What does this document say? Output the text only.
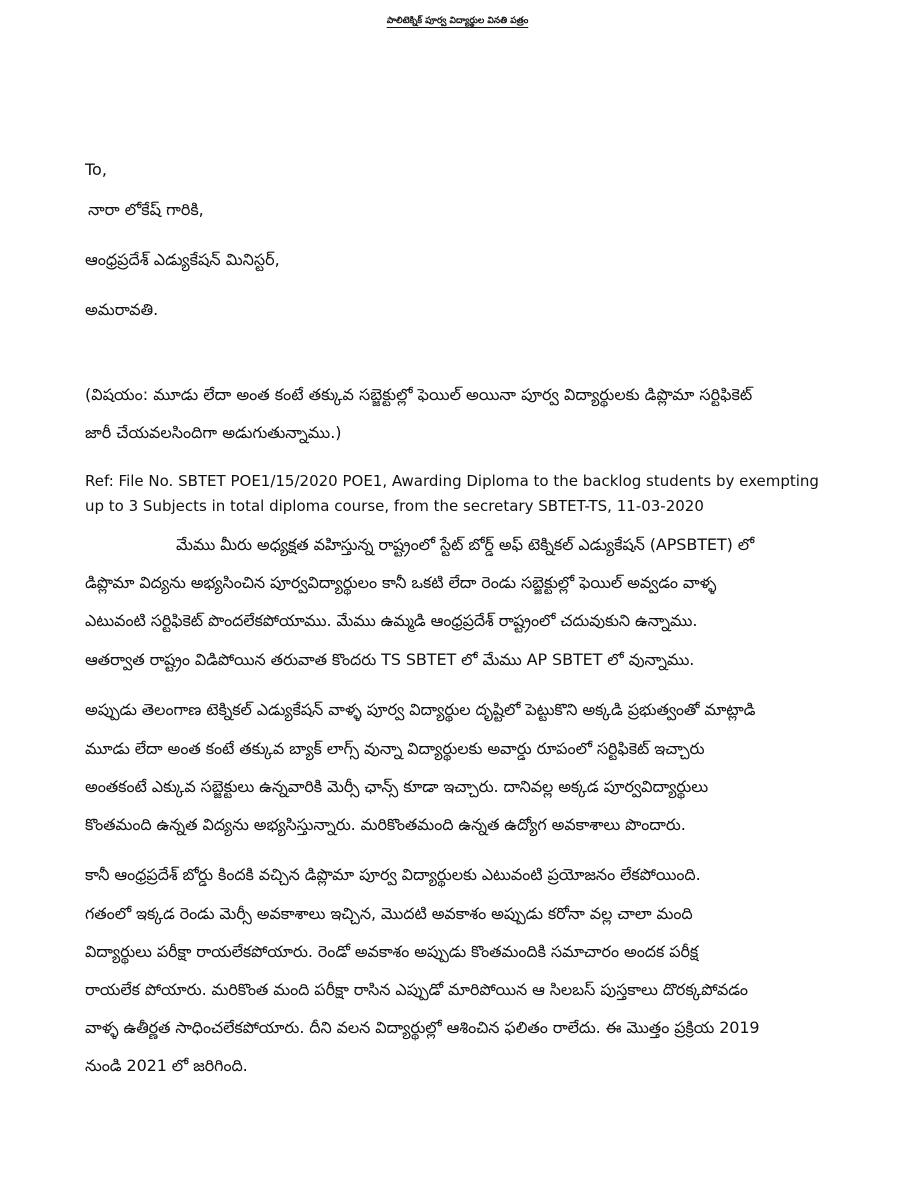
పాలిటెక్నిక్ పూర్వ విద్యార్థుల వినతి పత్రం
To,
నారా లోకేష్ గారికి,
ఆంధ్రప్రదేశ్ ఎడ్యుకేషన్ మినిస్టర్,
అమరావతి.
(విషయం: మూడు లేదా అంత కంటే తక్కువ సబ్జెక్టుల్లో ఫెయిల్ అయినా పూర్వ విద్యార్థులకు డిప్లొమా సర్టిఫికెట్
జారీ చేయవలసిందిగా అడుగుతున్నాము.)
Ref: File No. SBTET POE1/15/2020 POE1, Awarding Diploma to the backlog students by exempting
up to 3 Subjects in total diploma course, from the secretary SBTET-TS, 11-03-2020
మేము మీరు అధ్యక్షత వహిస్తున్న రాష్ట్రంలో స్టేట్ బోర్డ్ అఫ్ టెక్నికల్ ఎడ్యుకేషన్ (APSBTET) లో
డిప్లొమా విద్యను అభ్యసించిన పూర్వవిద్యార్థులం కానీ ఒకటి లేదా రెండు సబ్జెక్టుల్లో ఫెయిల్ అవ్వడం వాళ్ళ
ఎటువంటి సర్టిఫికెట్ పొందలేకపోయాము. మేము ఉమ్మడి ఆంధ్రప్రదేశ్ రాష్ట్రంలో చదువుకుని ఉన్నాము.
ఆతర్వాత రాష్ట్రం విడిపోయిన తరువాత కొందరు TS SBTET లో మేము AP SBTET లో వున్నాము.
అప్పుడు తెలంగాణ టెక్నికల్ ఎడ్యుకేషన్ వాళ్ళ పూర్వ విద్యార్థుల దృష్టిలో పెట్టుకొని అక్కడి ప్రభుత్వంతో మాట్లాడి
మూడు లేదా అంత కంటే తక్కువ బ్యాక్ లాగ్స్ వున్నా విద్యార్థులకు అవార్డు రూపంలో సర్టిఫికెట్ ఇచ్చారు
అంతకంటే ఎక్కువ సబ్జెక్టులు ఉన్నవారికి మెర్సీ ఛాన్స్ కూడా ఇచ్చారు. దానివల్ల అక్కడ పూర్వవిద్యార్థులు
కొంతమంది ఉన్నత విద్యను అభ్యసిస్తున్నారు. మరికొంతమంది ఉన్నత ఉద్యోగ అవకాశాలు పొందారు.
కానీ ఆంధ్రప్రదేశ్ బోర్డు కిందకి వచ్చిన డిప్లొమా పూర్వ విద్యార్థులకు ఎటువంటి ప్రయోజనం లేకపోయింది.
గతంలో ఇక్కడ రెండు మెర్సీ అవకాశాలు ఇచ్చిన, మొదటి అవకాశం అప్పుడు కరోనా వల్ల చాలా మంది
విద్యార్థులు పరీక్షా రాయలేకపోయారు. రెండో అవకాశం అప్పుడు కొంతమందికి సమాచారం అందక పరీక్ష
రాయలేక పోయారు. మరికొంత మంది పరీక్షా రాసిన ఎప్పుడో మారిపోయిన ఆ సిలబస్ పుస్తకాలు దొరక్కపోవడం
వాళ్ళ ఉతీర్ణత సాధించలేకపోయారు. దీని వలన విద్యార్థుల్లో ఆశించిన ఫలితం రాలేదు. ఈ మొత్తం ప్రక్రియ 2019
నుండి 2021 లో జరిగింది.
